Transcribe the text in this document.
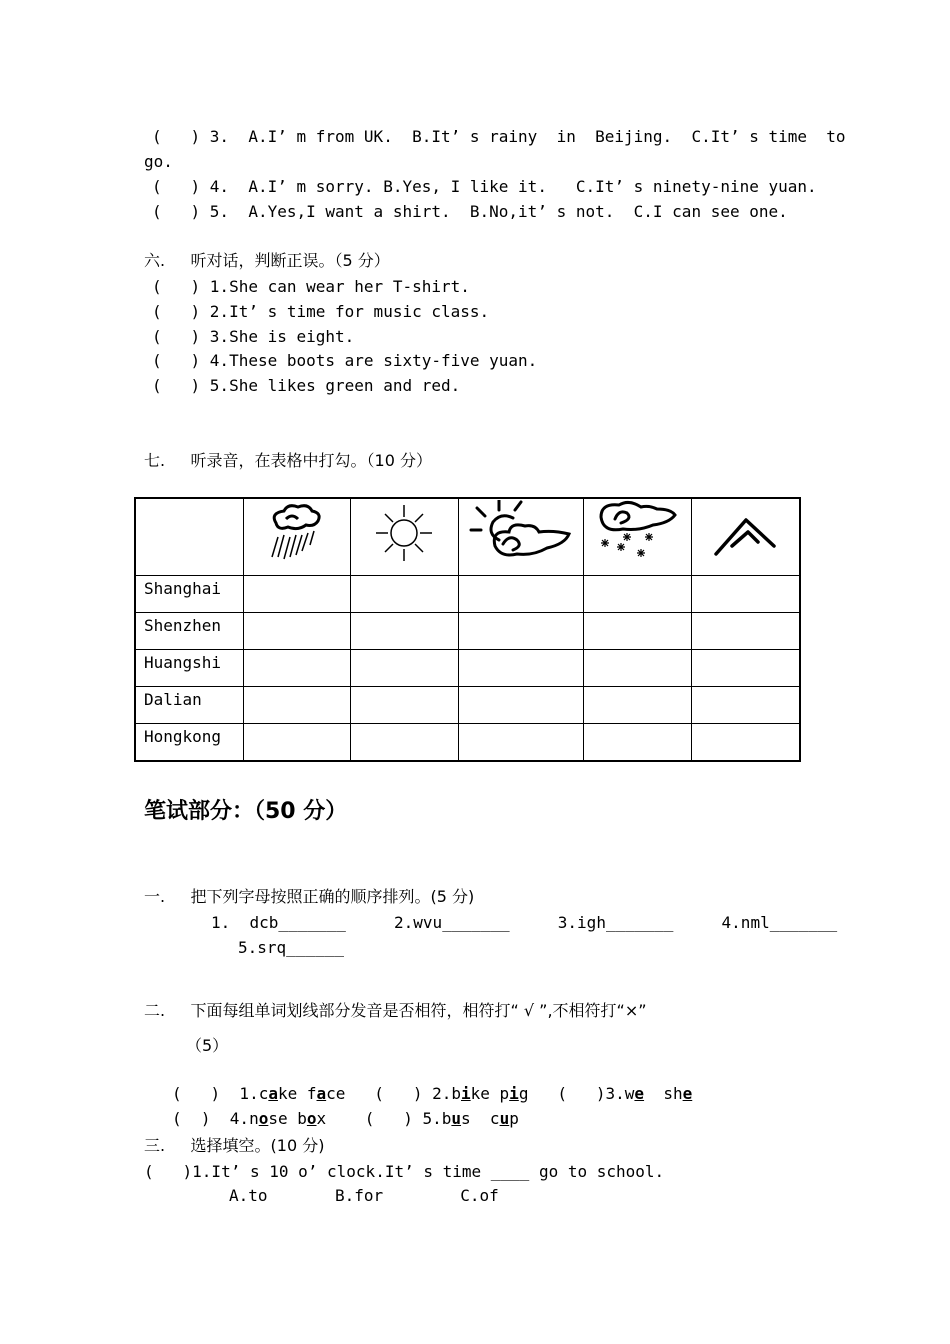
(   ) 3.  A.I’ m from UK.  B.It’ s rainy  in  Beijing.  C.It’ s time  to
go.
(   ) 4.  A.I’ m sorry. B.Yes, I like it.   C.It’ s ninety-nine yuan.
(   ) 5.  A.Yes,I want a shirt.  B.No,it’ s not.  C.I can see one.
六.     听对话，判断正误。（5 分）
(   ) 1.She can wear her T-shirt.
(   ) 2.It’ s time for music class.
(   ) 3.She is eight.
(   ) 4.These boots are sixty-five yuan.
(   ) 5.She likes green and red.
七.     听录音，在表格中打勾。（10 分）

Shanghai					
Shenzhen					
Huangshi					
Dalian					
Hongkong					
笔试部分：（50 分）
一.     把下列字母按照正确的顺序排列。(5 分)
1.  dcb_______     2.wvu_______     3.igh_______     4.nml_______
5.srq______
二.     下面每组单词划线部分发音是否相符，相符打“ √ ”,不相符打“×”
（5）

(   )  1.cake face   (   ) 2.bike pig   (   )3.we  she

(  )  4.nose box    (   ) 5.bus  cup
三.     选择填空。(10 分)
(   )1.It’ s 10 o’ clock.It’ s time ____ go to school.
A.to       B.for        C.of
